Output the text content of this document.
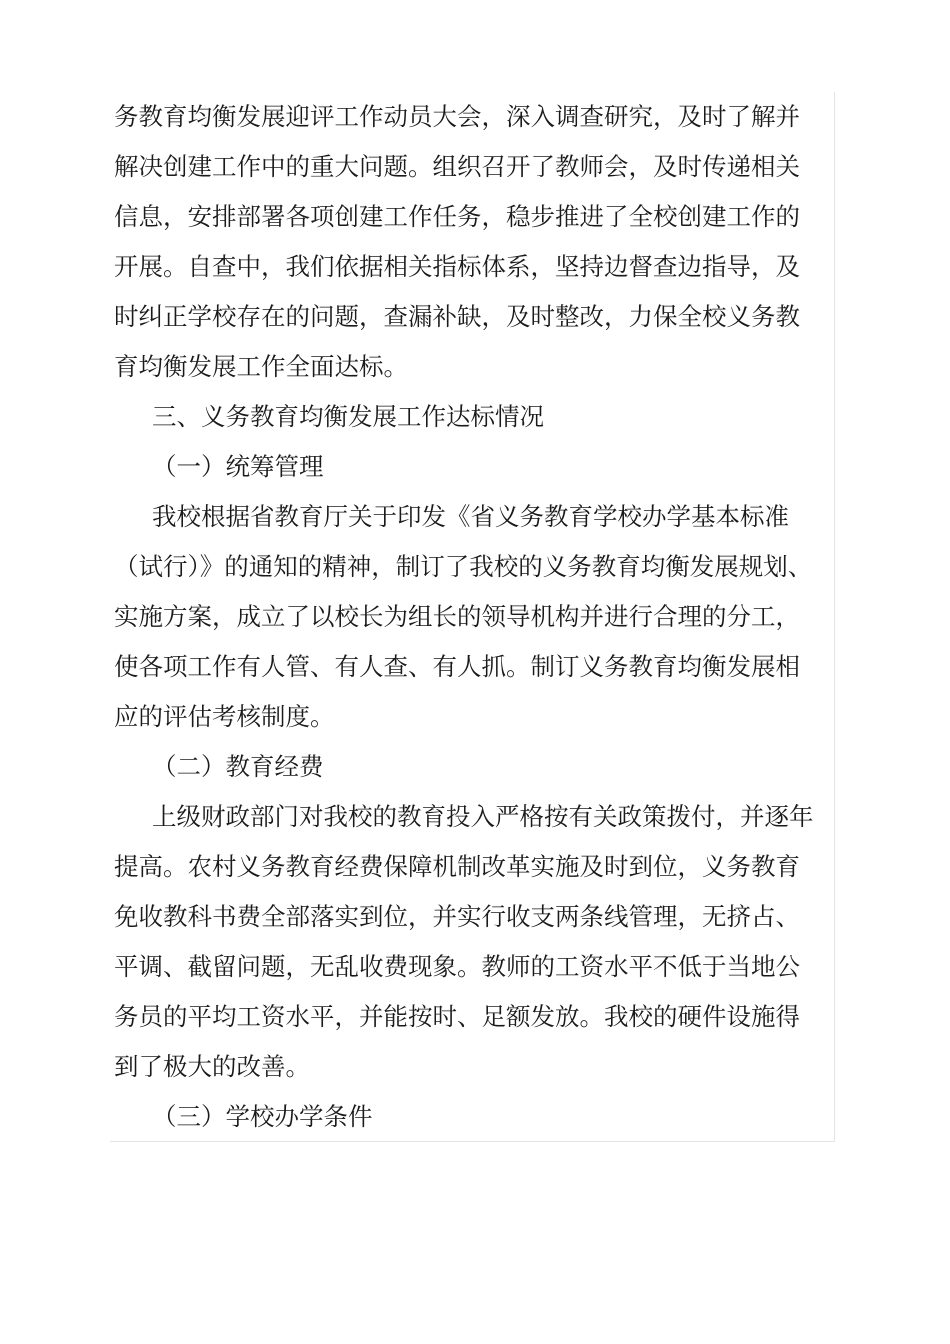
务教育均衡发展迎评工作动员大会，深入调查研究，及时了解并
解决创建工作中的重大问题。组织召开了教师会，及时传递相关
信息，安排部署各项创建工作任务，稳步推进了全校创建工作的
开展。自查中，我们依据相关指标体系，坚持边督查边指导，及
时纠正学校存在的问题，查漏补缺，及时整改，力保全校义务教
育均衡发展工作全面达标。
三、义务教育均衡发展工作达标情况
（一）统筹管理
我校根据省教育厅关于印发《省义务教育学校办学基本标准
（试行）》的通知的精神，制订了我校的义务教育均衡发展规划、
实施方案，成立了以校长为组长的领导机构并进行合理的分工，
使各项工作有人管、有人查、有人抓。制订义务教育均衡发展相
应的评估考核制度。
（二）教育经费
上级财政部门对我校的教育投入严格按有关政策拨付，并逐年
提高。农村义务教育经费保障机制改革实施及时到位，义务教育
免收教科书费全部落实到位，并实行收支两条线管理，无挤占、
平调、截留问题，无乱收费现象。教师的工资水平不低于当地公
务员的平均工资水平，并能按时、足额发放。我校的硬件设施得
到了极大的改善。
（三）学校办学条件
